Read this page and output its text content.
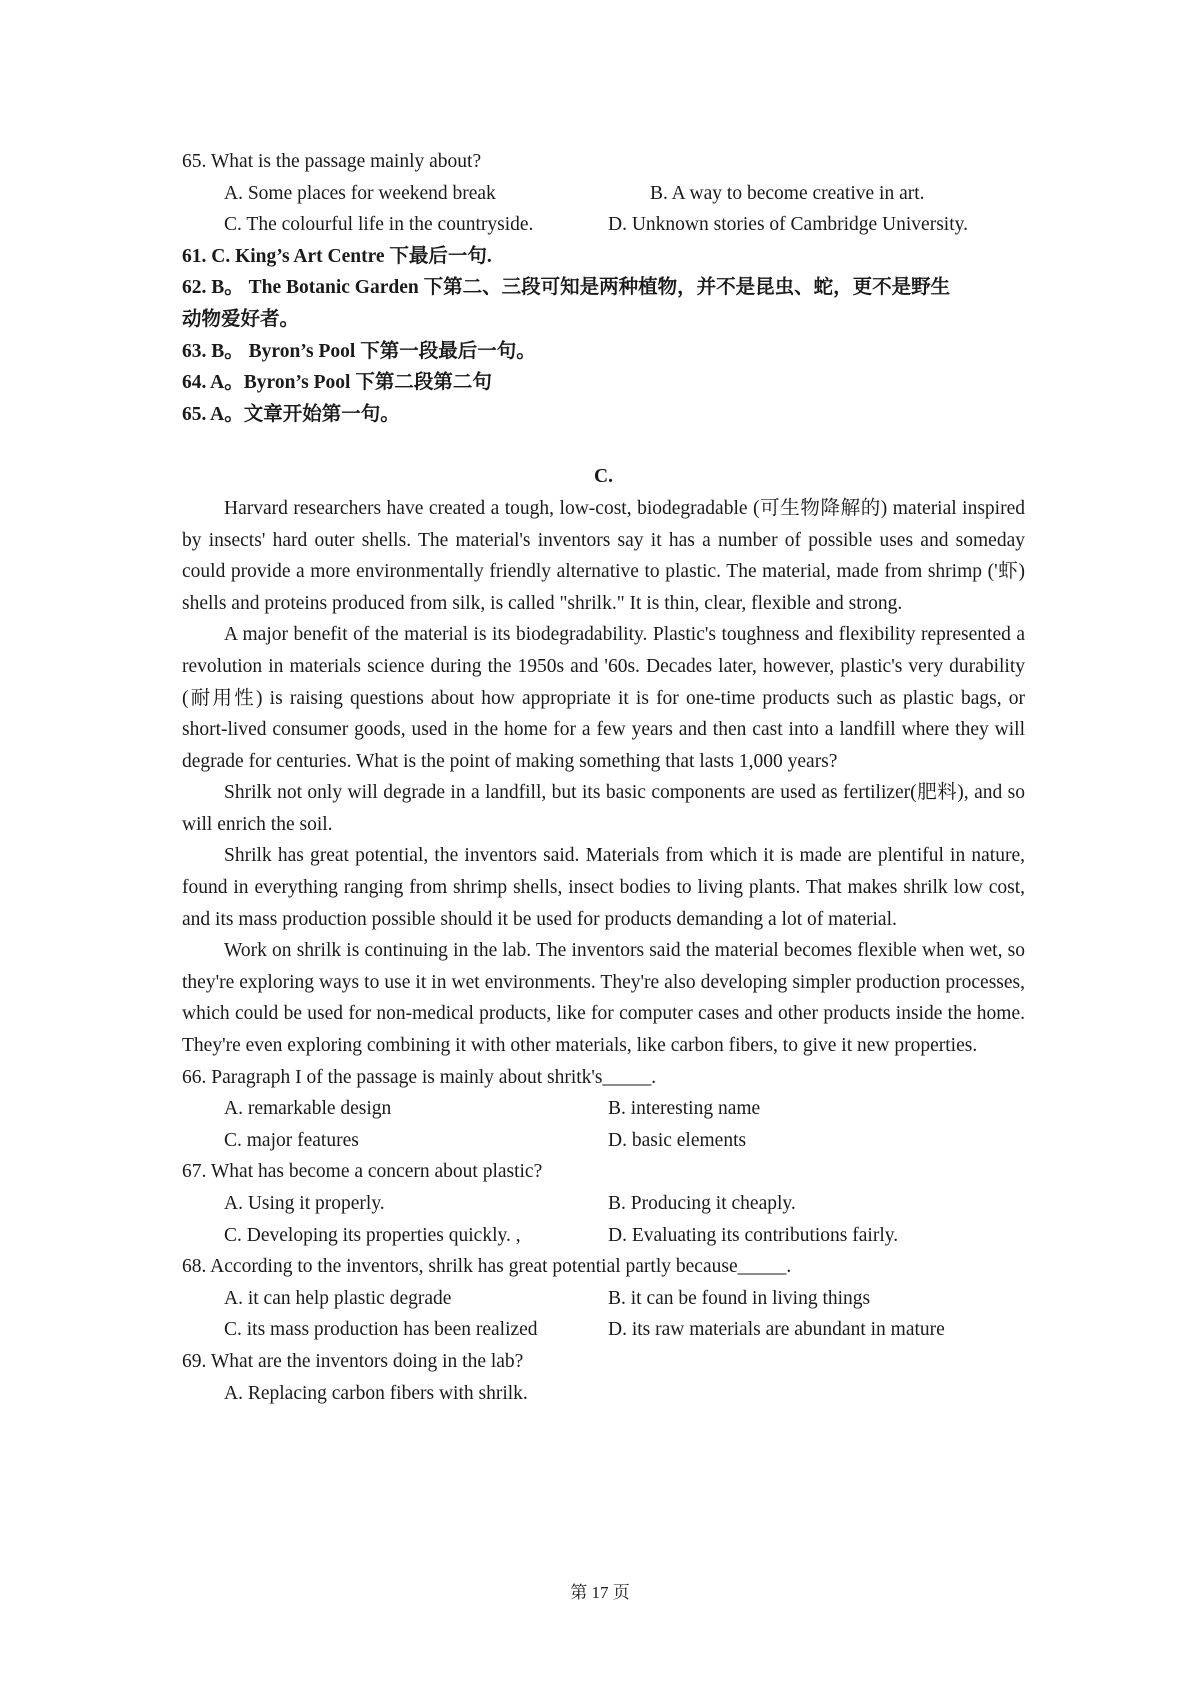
65. What is the passage mainly about?
A. Some places for weekend break	B. A way to become creative in art.
C. The colourful life in the countryside.	D. Unknown stories of Cambridge University.
61. C. King’s Art Centre 下最后一句.
62. B。 The Botanic Garden 下第二、三段可知是两种植物，并不是昆虫、蛇，更不是野生
动物爱好者。
63. B。 Byron’s Pool 下第一段最后一句。
64. A。Byron’s Pool 下第二段第二句
65. A。文章开始第一句。
C.
Harvard researchers have created a tough, low-cost, biodegradable (可生物降解的) material inspired by insects' hard outer shells. The material's inventors say it has a number of possible uses and someday could provide a more environmentally friendly alternative to plastic. The material, made from shrimp ('虾) shells and proteins produced from silk, is called "shrilk." It is thin, clear, flexible and strong.
A major benefit of the material is its biodegradability. Plastic's toughness and flexibility represented a revolution in materials science during the 1950s and '60s. Decades later, however, plastic's very durability (耐用性) is raising questions about how appropriate it is for one-time products such as plastic bags, or short-lived consumer goods, used in the home for a few years and then cast into a landfill where they will degrade for centuries. What is the point of making something that lasts 1,000 years?
Shrilk not only will degrade in a landfill, but its basic components are used as fertilizer(肥料), and so will enrich the soil.
Shrilk has great potential, the inventors said. Materials from which it is made are plentiful in nature, found in everything ranging from shrimp shells, insect bodies to living plants. That makes shrilk low cost, and its mass production possible should it be used for products demanding a lot of material.
Work on shrilk is continuing in the lab. The inventors said the material becomes flexible when wet, so they're exploring ways to use it in wet environments. They're also developing simpler production processes, which could be used for non-medical products, like for computer cases and other products inside the home. They're even exploring combining it with other materials, like carbon fibers, to give it new properties.
66. Paragraph I of the passage is mainly about shritk's_____.
A. remarkable design	B. interesting name
C. major features	D. basic elements
67. What has become a concern about plastic?
A. Using it properly.	B. Producing it cheaply.
C. Developing its properties quickly. ,	D. Evaluating its contributions fairly.
68. According to the inventors, shrilk has great potential partly because_____.
A. it can help plastic degrade	B. it can be found in living things
C. its mass production has been realized	D. its raw materials are abundant in mature
69. What are the inventors doing in the lab?
A. Replacing carbon fibers with shrilk.
第 17 页
